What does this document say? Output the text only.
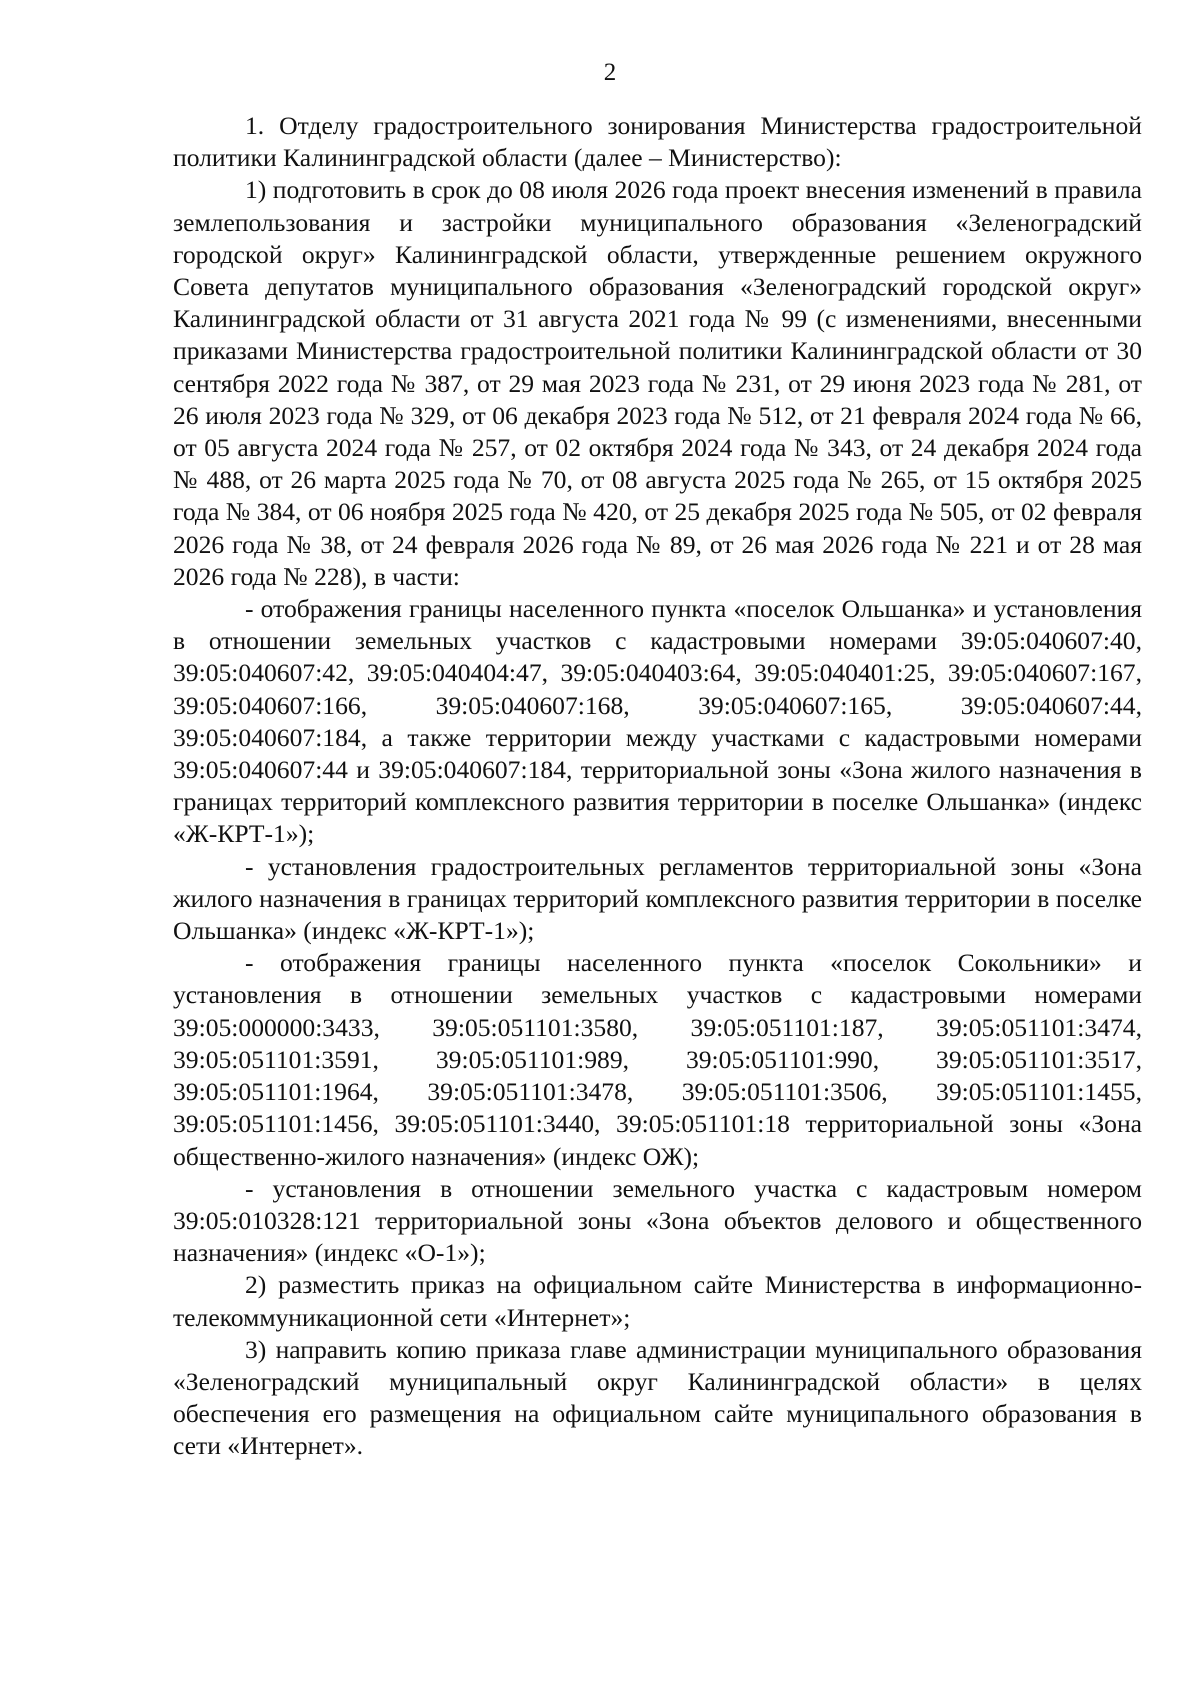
2

1. Отделу градостроительного зонирования Министерства градостроительной политики Калининградской области (далее – Министерство):

1) подготовить в срок до 08 июля 2026 года проект внесения изменений в правила землепользования и застройки муниципального образования «Зеленоградский городской округ» Калининградской области, утвержденные решением окружного Совета депутатов муниципального образования «Зеленоградский городской округ» Калининградской области от 31 августа 2021 года № 99 (с изменениями, внесенными приказами Министерства градостроительной политики Калининградской области от 30 сентября 2022 года № 387, от 29 мая 2023 года № 231, от 29 июня 2023 года № 281, от 26 июля 2023 года № 329, от 06 декабря 2023 года № 512, от 21 февраля 2024 года № 66, от 05 августа 2024 года № 257, от 02 октября 2024 года № 343, от 24 декабря 2024 года № 488, от 26 марта 2025 года № 70, от 08 августа 2025 года № 265, от 15 октября 2025 года № 384, от 06 ноября 2025 года № 420, от 25 декабря 2025 года № 505, от 02 февраля 2026 года № 38, от 24 февраля 2026 года № 89, от 26 мая 2026 года № 221 и от 28 мая 2026 года № 228), в части:

- отображения границы населенного пункта «поселок Ольшанка» и установления в отношении земельных участков с кадастровыми номерами 39:05:040607:40, 39:05:040607:42, 39:05:040404:47, 39:05:040403:64, 39:05:040401:25, 39:05:040607:167, 39:05:040607:166, 39:05:040607:168, 39:05:040607:165, 39:05:040607:44, 39:05:040607:184, а также территории между участками с кадастровыми номерами 39:05:040607:44 и 39:05:040607:184, территориальной зоны «Зона жилого назначения в границах территорий комплексного развития территории в поселке Ольшанка» (индекс «Ж-КРТ-1»);

- установления градостроительных регламентов территориальной зоны «Зона жилого назначения в границах территорий комплексного развития территории в поселке Ольшанка» (индекс «Ж-КРТ-1»);

- отображения границы населенного пункта «поселок Сокольники» и установления в отношении земельных участков с кадастровыми номерами 39:05:000000:3433, 39:05:051101:3580, 39:05:051101:187, 39:05:051101:3474, 39:05:051101:3591, 39:05:051101:989, 39:05:051101:990, 39:05:051101:3517, 39:05:051101:1964, 39:05:051101:3478, 39:05:051101:3506, 39:05:051101:1455, 39:05:051101:1456, 39:05:051101:3440, 39:05:051101:18 территориальной зоны «Зона общественно-жилого назначения» (индекс ОЖ);

- установления в отношении земельного участка с кадастровым номером 39:05:010328:121 территориальной зоны «Зона объектов делового и общественного назначения» (индекс «О-1»);

2) разместить приказ на официальном сайте Министерства в информационно-телекоммуникационной сети «Интернет»;

3) направить копию приказа главе администрации муниципального образования «Зеленоградский муниципальный округ Калининградской области» в целях обеспечения его размещения на официальном сайте муниципального образования в сети «Интернет».
